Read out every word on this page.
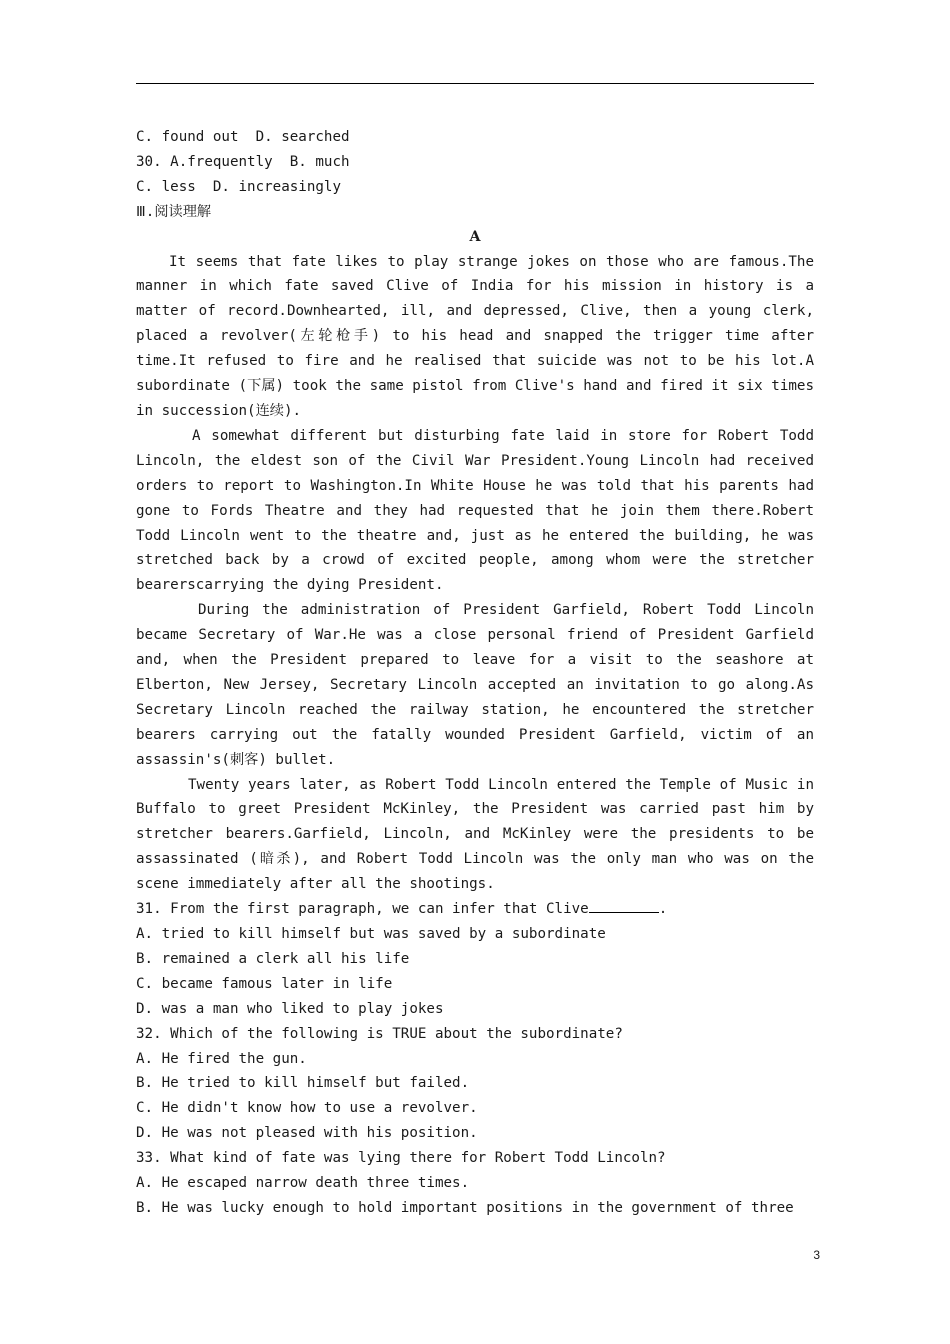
C. found out  D. searched

30. A.frequently  B. much

C. less  D. increasingly

Ⅲ.阅读理解

A

It seems that fate likes to play strange jokes on those who are famous.The manner in which fate saved Clive of India for his mission in history is a matter of record.Downhearted, ill, and depressed, Clive, then a young clerk, placed a revolver(左轮枪手) to his head and snapped the trigger time after time.It refused to fire and he realised that suicide was not to be his lot.A subordinate (下属) took the same pistol from Clive's hand and fired it six times in succession(连续).

A somewhat different but disturbing fate laid in store for Robert Todd Lincoln, the eldest son of the Civil War President.Young Lincoln had received orders to report to Washington.In White House he was told that his parents had gone to Fords Theatre and they had requested that he join them there.Robert Todd Lincoln went to the theatre and, just as he entered the building, he was stretched back by a crowd of excited people, among whom were the stretcher bearerscarrying the dying President.

During the administration of President Garfield, Robert Todd Lincoln became Secretary of War.He was a close personal friend of President Garfield and, when the President prepared to leave for a visit to the seashore at Elberton, New Jersey, Secretary Lincoln accepted an invitation to go along.As Secretary Lincoln reached the railway station, he encountered the stretcher bearers carrying out the fatally wounded President Garfield, victim of an assassin's(刺客) bullet.

Twenty years later, as Robert Todd Lincoln entered the Temple of Music in Buffalo to greet President McKinley, the President was carried past him by stretcher bearers.Garfield, Lincoln, and McKinley were the presidents to be assassinated (暗杀), and Robert Todd Lincoln was the only man who was on the scene immediately after all the shootings.

31. From the first paragraph, we can infer that Clive	.

A. tried to kill himself but was saved by a subordinate

B. remained a clerk all his life

C. became famous later in life

D. was a man who liked to play jokes

32. Which of the following is TRUE about the subordinate?

A. He fired the gun.

B. He tried to kill himself but failed.

C. He didn't know how to use a revolver.

D. He was not pleased with his position.

33. What kind of fate was lying there for Robert Todd Lincoln?

A. He escaped narrow death three times.

B. He was lucky enough to hold important positions in the government of three

3
